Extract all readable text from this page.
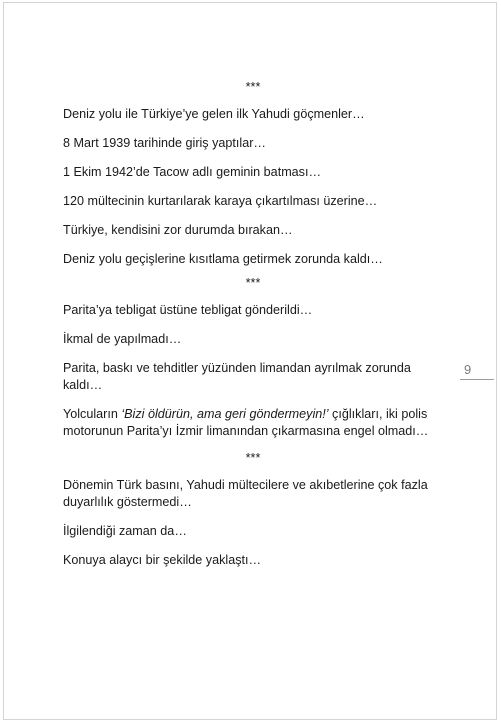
***

Deniz yolu ile Türkiye’ye gelen ilk Yahudi göçmenler…

8 Mart 1939 tarihinde giriş yaptılar…

1 Ekim 1942’de Tacow adlı geminin batması…

120 mültecinin kurtarılarak karaya çıkartılması üzerine…

Türkiye, kendisini zor durumda bırakan…

Deniz yolu geçişlerine kısıtlama getirmek zorunda kaldı…

***

Parita’ya tebligat üstüne tebligat gönderildi…

İkmal de yapılmadı…

Parita, baskı ve tehditler yüzünden limandan ayrılmak zorunda kaldı…

Yolcuların ‘Bizi öldürün, ama geri göndermeyin!’ çığlıkları, iki polis motorunun Parita’yı İzmir limanından çıkarmasına engel olmadı…

***

Dönemin Türk basını, Yahudi mültecilere ve akıbetlerine çok fazla duyarlılık göstermedi…

İlgilendiği zaman da…

Konuya alaycı bir şekilde yaklaştı…

9
